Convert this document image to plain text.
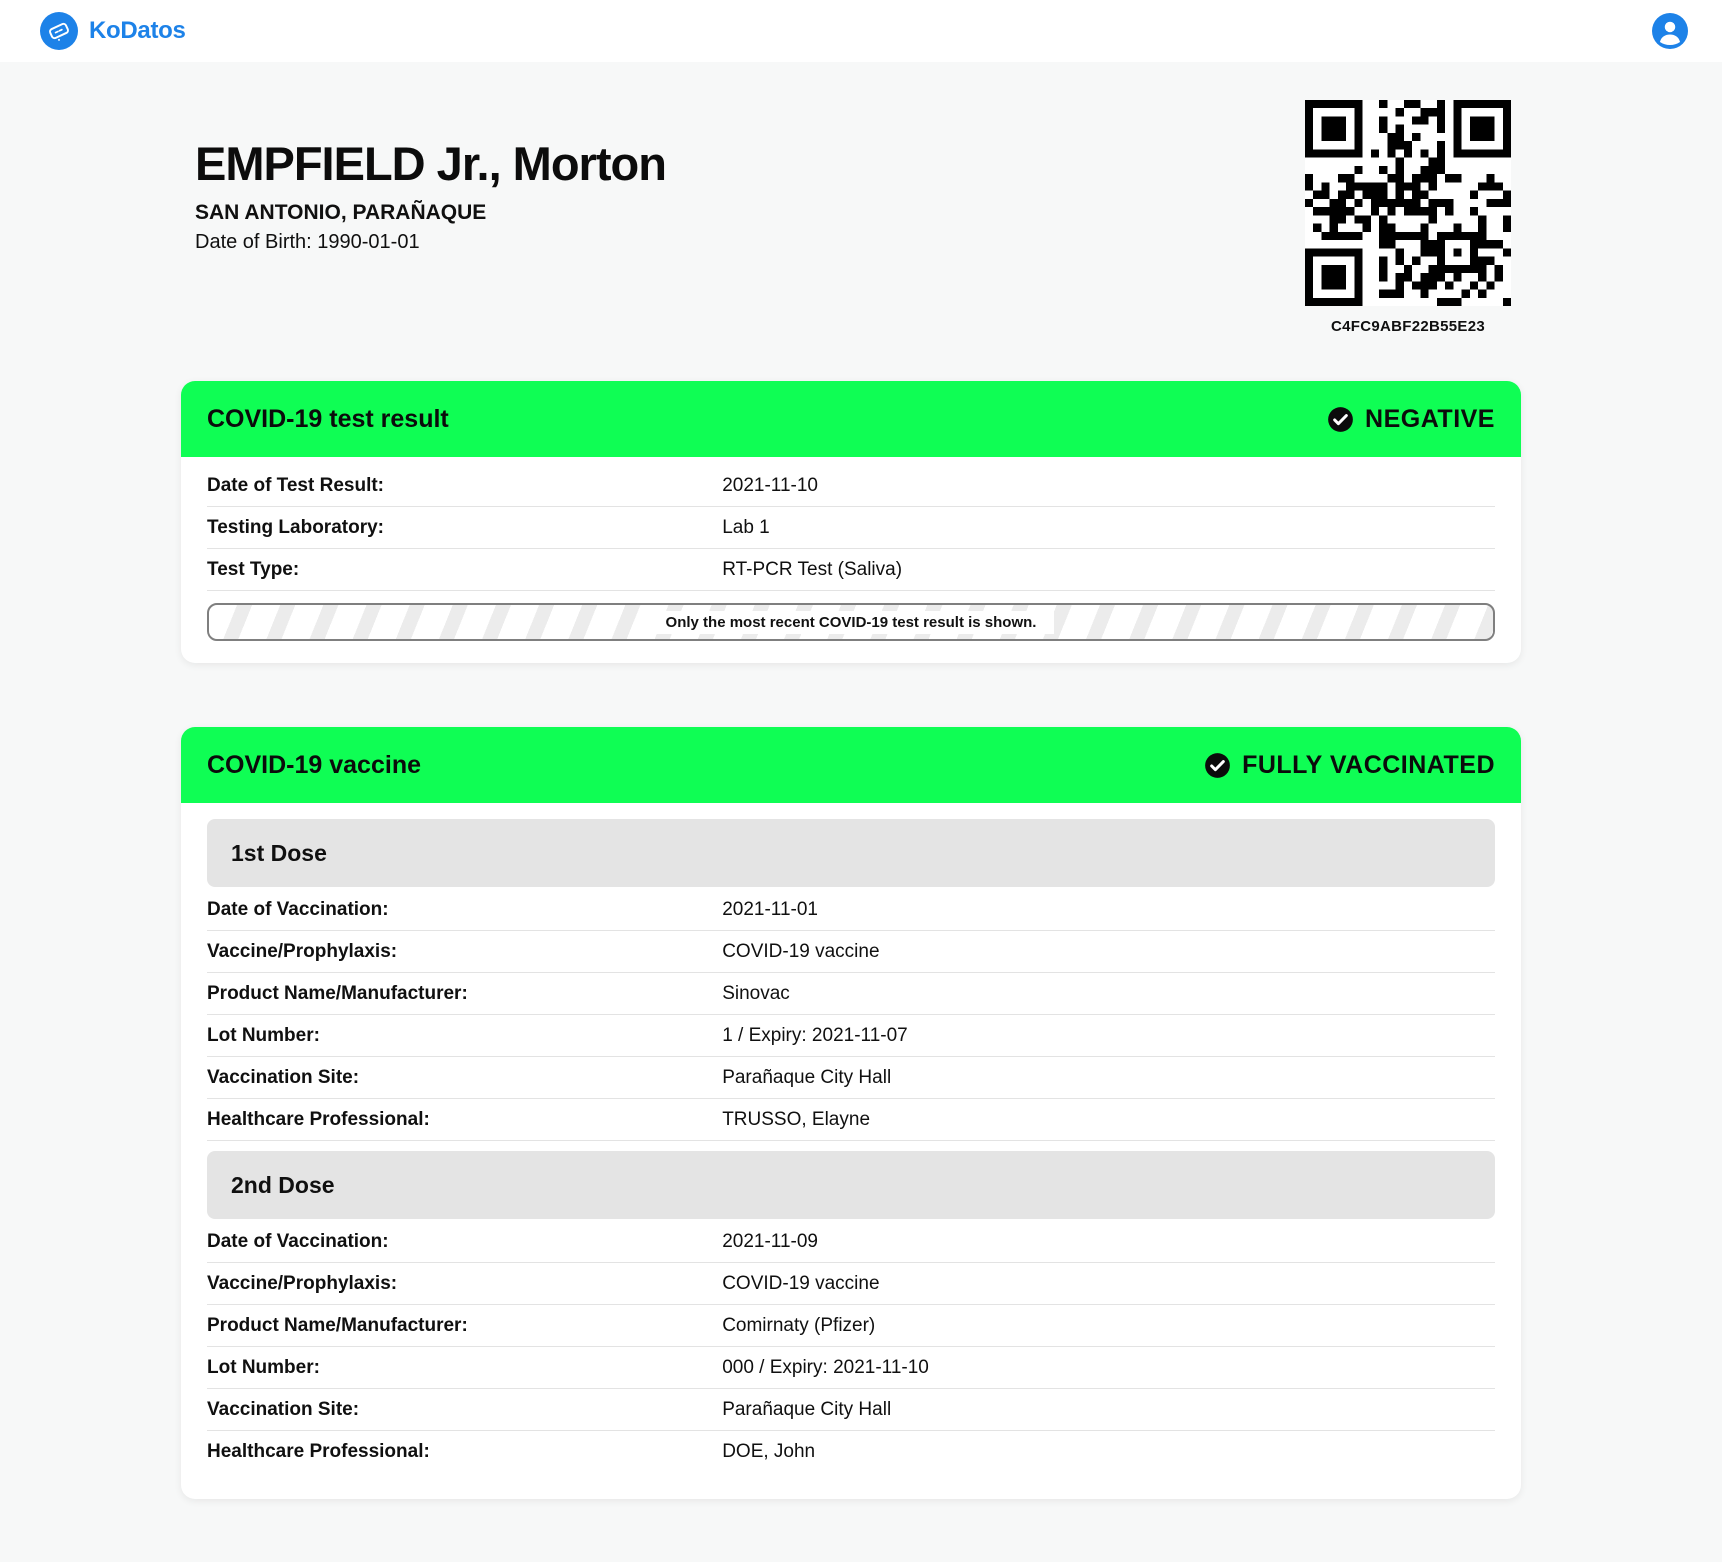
KoDatos
EMPFIELD Jr., Morton

SAN ANTONIO, PARAÑAQUE

Date of Birth: 1990-01-01

C4FC9ABF22B55E23
COVID-19 test result	NEGATIVE
Date of Test Result:	2021-11-10
Testing Laboratory:	Lab 1
Test Type:	RT-PCR Test (Saliva)
Only the most recent COVID-19 test result is shown.
COVID-19 vaccine	FULLY VACCINATED
1st Dose
Date of Vaccination:	2021-11-01
Vaccine/Prophylaxis:	COVID-19 vaccine
Product Name/Manufacturer:	Sinovac
Lot Number:	1 / Expiry: 2021-11-07
Vaccination Site:	Parañaque City Hall
Healthcare Professional:	TRUSSO, Elayne
2nd Dose
Date of Vaccination:	2021-11-09
Vaccine/Prophylaxis:	COVID-19 vaccine
Product Name/Manufacturer:	Comirnaty (Pfizer)
Lot Number:	000 / Expiry: 2021-11-10
Vaccination Site:	Parañaque City Hall
Healthcare Professional:	DOE, John
